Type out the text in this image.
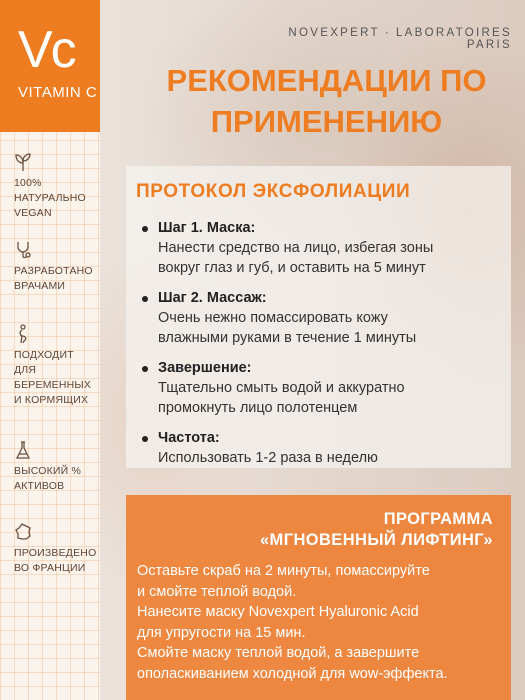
Vc
VITAMIN C
100%
НАТУРАЛЬНО
VEGAN
РАЗРАБОТАНО
ВРАЧАМИ
ПОДХОДИТ
ДЛЯ
БЕРЕМЕННЫХ
И КОРМЯЩИХ
ВЫСОКИЙ %
АКТИВОВ
ПРОИЗВЕДЕНО
ВО ФРАНЦИИ
NOVEXPERT · LABORATOIRES PARIS
РЕКОМЕНДАЦИИ ПО
ПРИМЕНЕНИЮ
ПРОТОКОЛ ЭКСФОЛИАЦИИ
Шаг 1. Маска:
Нанести средство на лицо, избегая зоны
вокруг глаз и губ, и оставить на 5 минут
Шаг 2. Массаж:
Очень нежно помассировать кожу
влажными руками в течение 1 минуты
Завершение:
Тщательно смыть водой и аккуратно
промокнуть лицо полотенцем
Частота:
Использовать 1-2 раза в неделю
ПРОГРАММА
«МГНОВЕННЫЙ ЛИФТИНГ»
Оставьте скраб на 2 минуты, помассируйте
и смойте теплой водой.
Нанесите маску Novexpert Hyaluronic Acid
для упругости на 15 мин.
Смойте маску теплой водой, а завершите
ополаскиванием холодной для wow-эффекта.
